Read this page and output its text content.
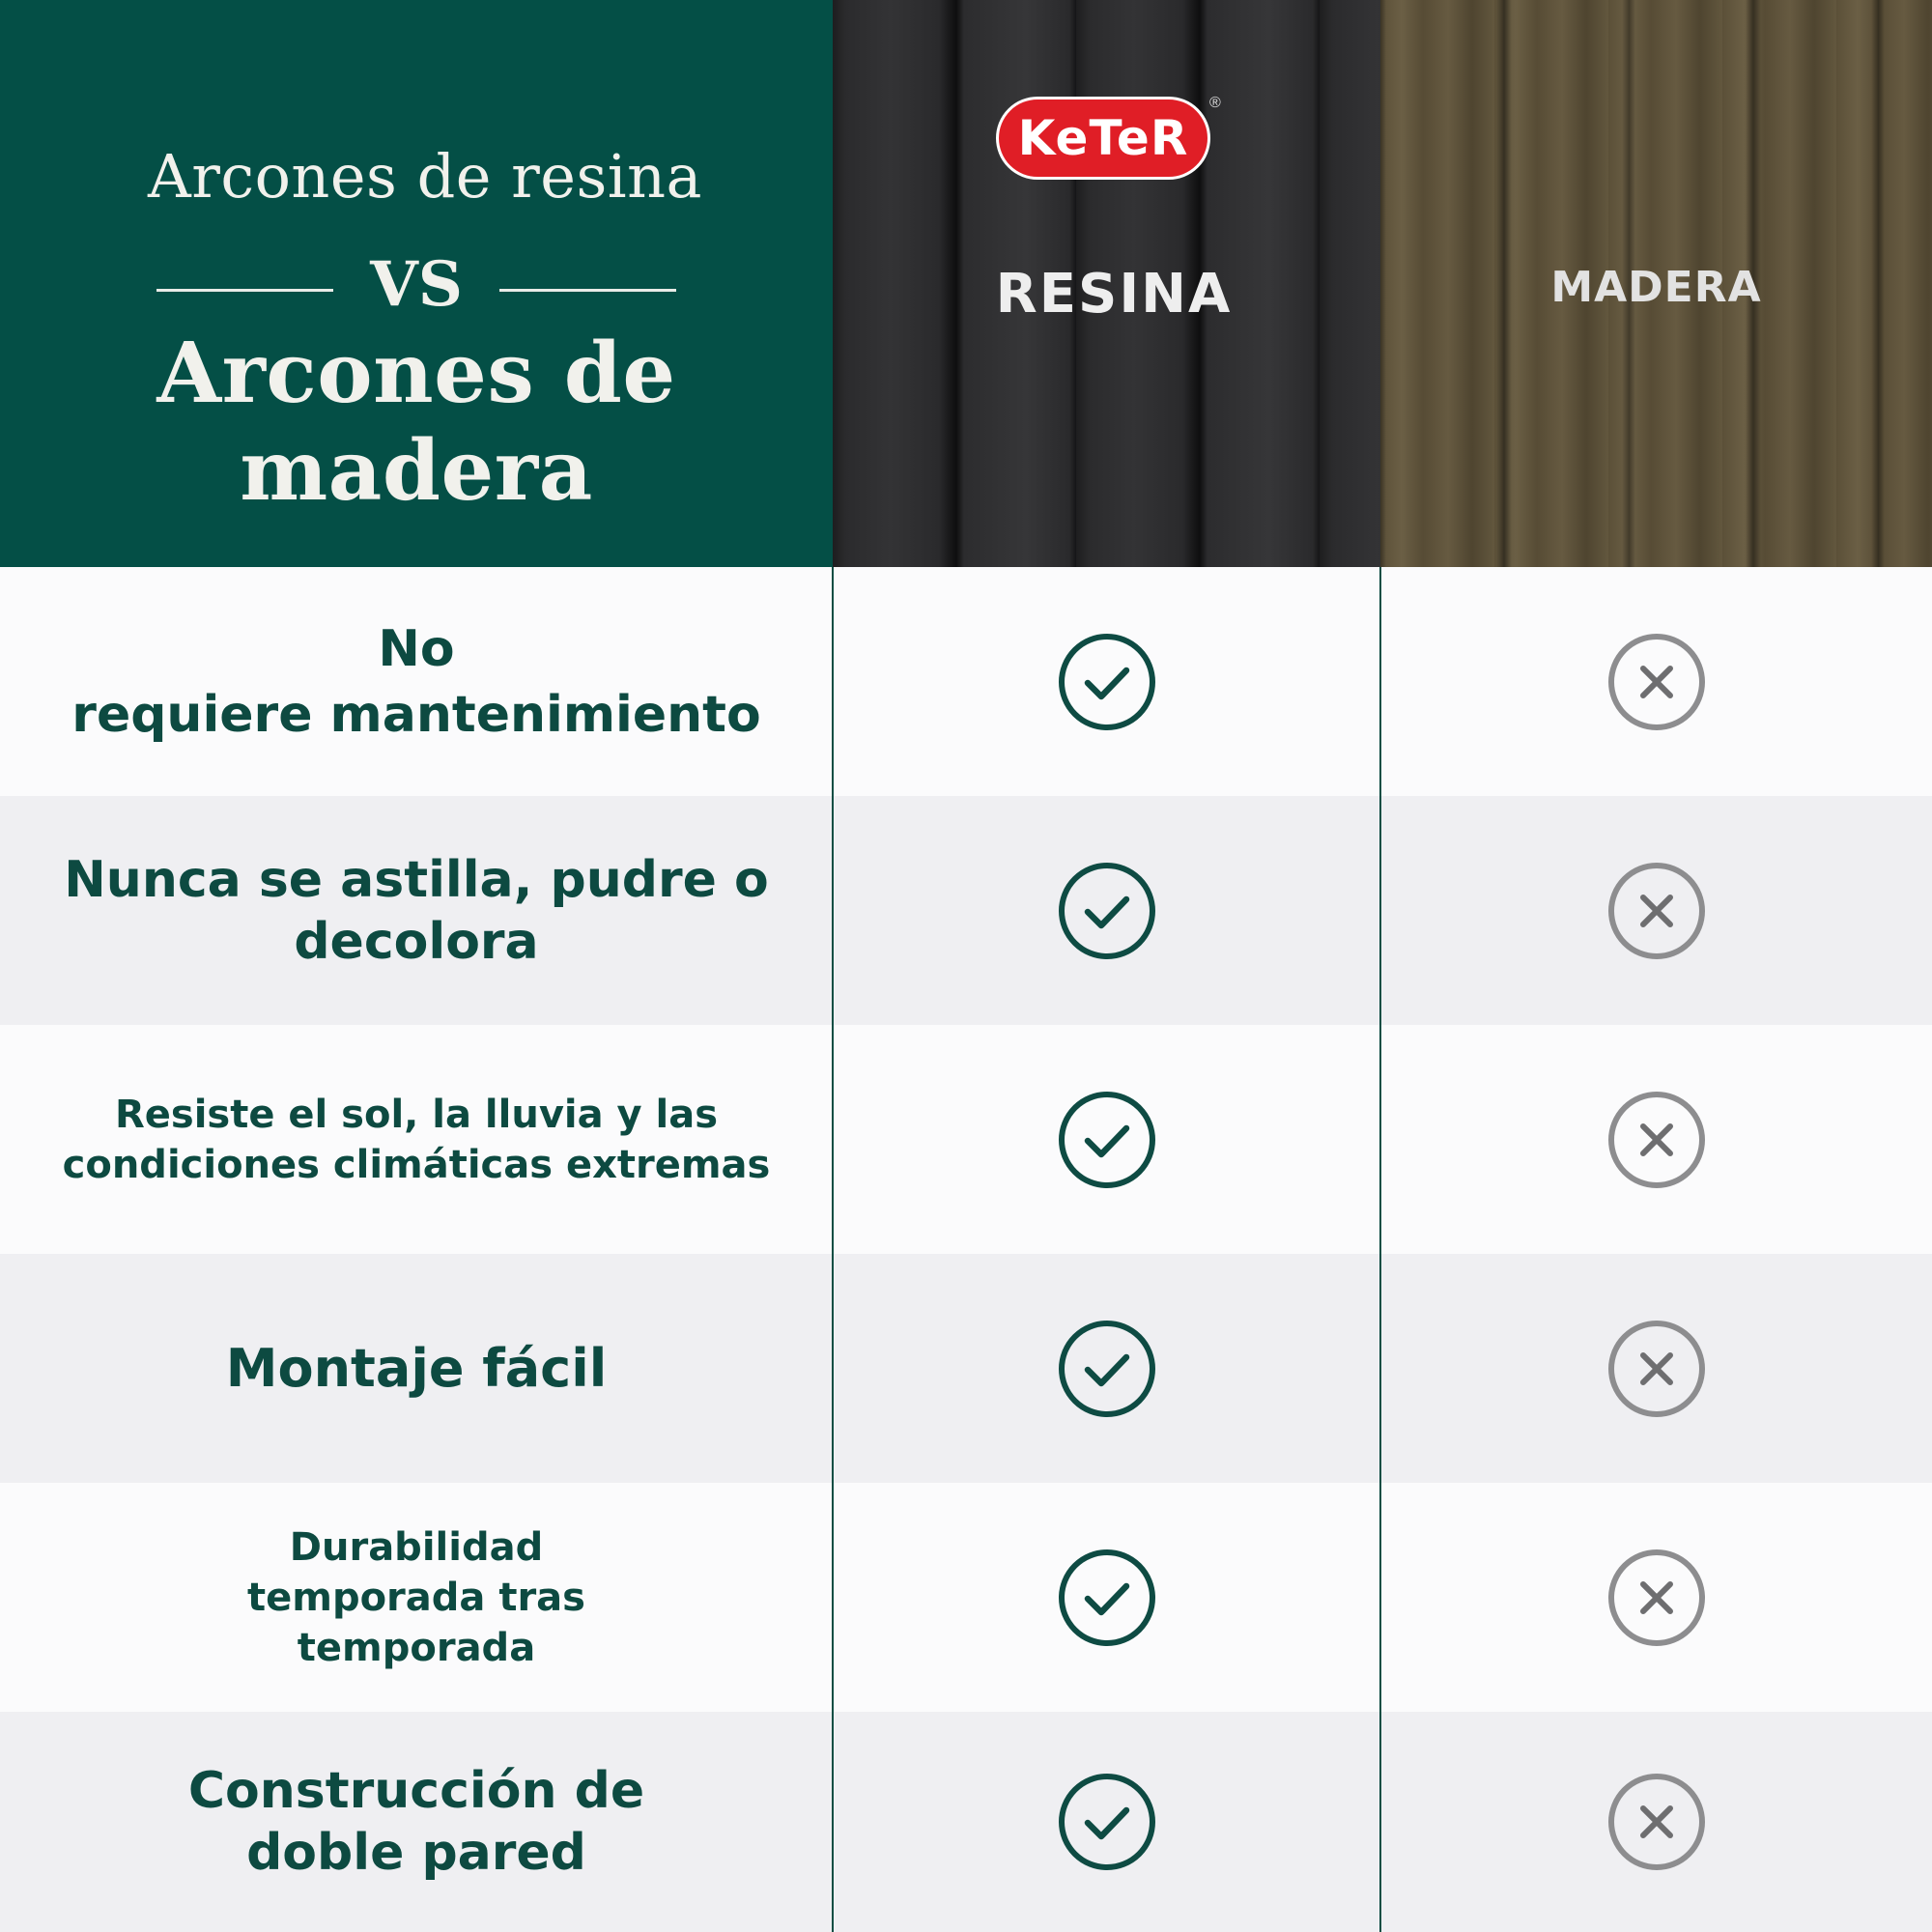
Arcones de resina
VS
Arcones de madera
KeTeR
®
RESINA	MADERA
No
requiere mantenimiento
Nunca se astilla, pudre o
decolora
Resiste el sol, la lluvia y las
condiciones climáticas extremas
Montaje fácil
Durabilidad
temporada tras
temporada
Construcción de
doble pared
